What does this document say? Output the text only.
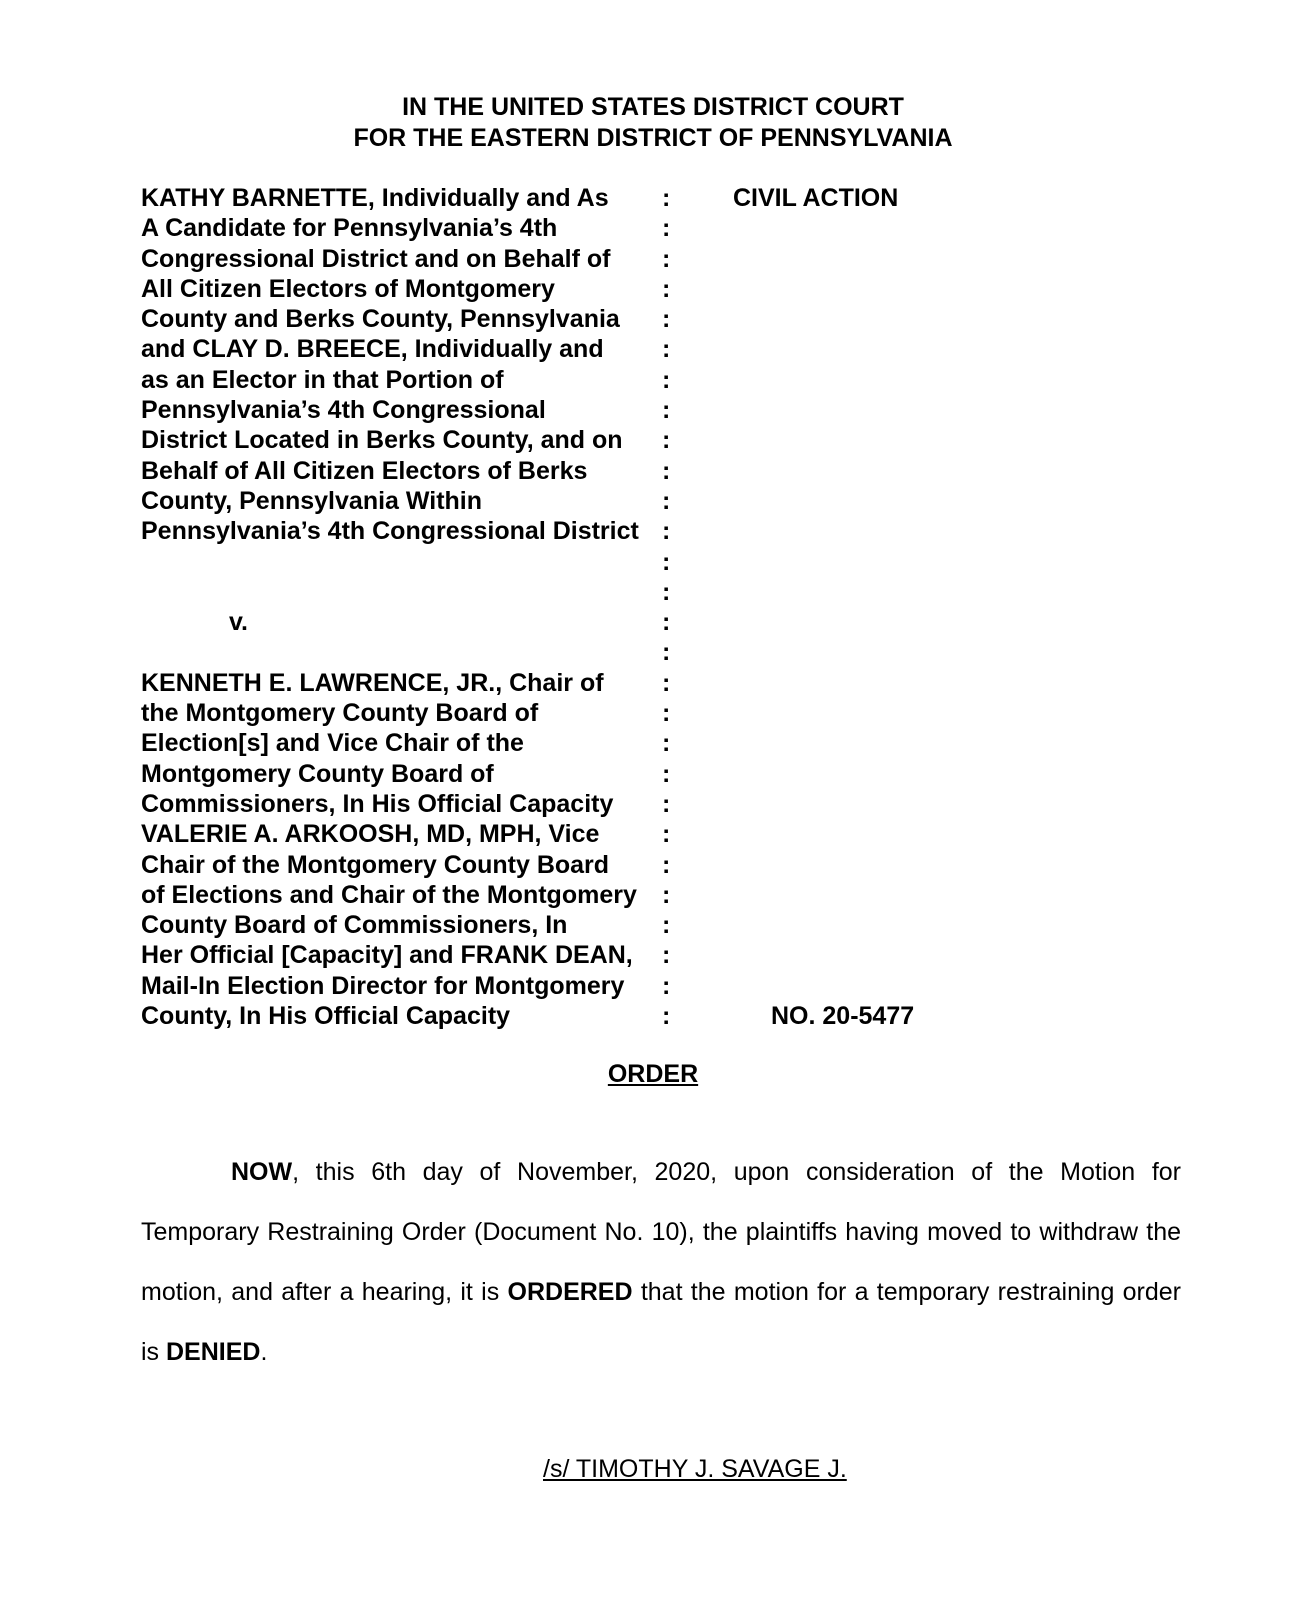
IN THE UNITED STATES DISTRICT COURT
FOR THE EASTERN DISTRICT OF PENNSYLVANIA
KATHY BARNETTE, Individually and As :	CIVIL ACTION
A Candidate for Pennsylvania’s 4th	:
Congressional District and on Behalf of :
All Citizen Electors of Montgomery	:
County and Berks County, Pennsylvania :
and CLAY D. BREECE, Individually and :
as an Elector in that Portion of	:
Pennsylvania’s 4th Congressional	:
District Located in Berks County, and on :
Behalf of All Citizen Electors of Berks	:
County, Pennsylvania Within	:
Pennsylvania’s 4th Congressional District :
:
:
v.	:
:
KENNETH E. LAWRENCE, JR., Chair of :
the Montgomery County Board of	:
Election[s] and Vice Chair of the	:
Montgomery County Board of	:
Commissioners, In His Official Capacity :
VALERIE A. ARKOOSH, MD, MPH, Vice	:
Chair of the Montgomery County Board :
of Elections and Chair of the Montgomery :
County Board of Commissioners, In	:
Her Official [Capacity] and FRANK DEAN, :
Mail-In Election Director for Montgomery :
County, In His Official Capacity	:	NO. 20-5477
ORDER

NOW, this 6th day of November, 2020, upon consideration of the Motion for Temporary Restraining Order (Document No. 10), the plaintiffs having moved to withdraw the motion, and after a hearing, it is ORDERED that the motion for a temporary restraining order is DENIED.

/s/ TIMOTHY J. SAVAGE J.
